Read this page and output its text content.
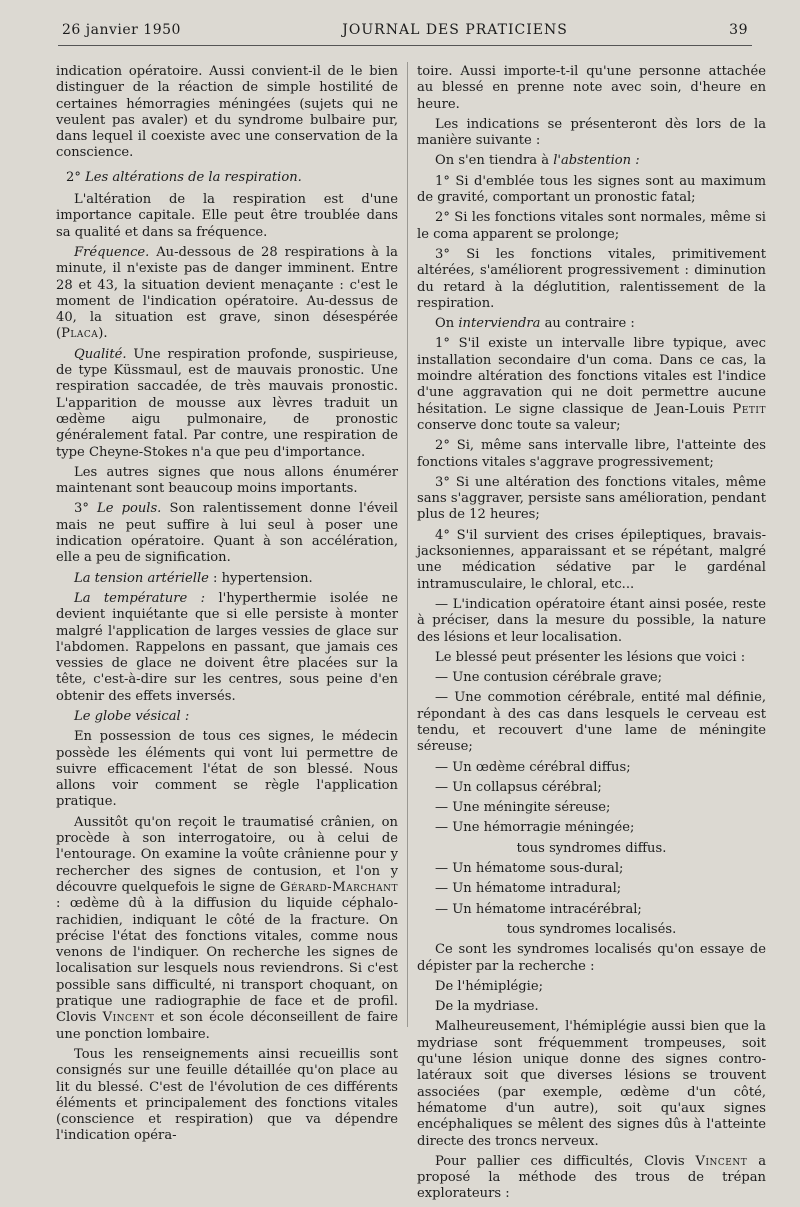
26 janvier 1950	JOURNAL DES PRATICIENS	39

indication opératoire. Aussi convient-il de le bien distinguer de la réaction de simple hostilité de certaines hémorragies méningées (sujets qui ne veulent pas avaler) et du syndrome bulbaire pur, dans lequel il coexiste avec une conservation de la conscience.

2° Les altérations de la respiration.

L'altération de la respiration est d'une importance capitale. Elle peut être troublée dans sa qualité et dans sa fréquence.

Fréquence. Au-dessous de 28 respirations à la minute, il n'existe pas de danger imminent. Entre 28 et 43, la situation devient menaçante : c'est le moment de l'indication opératoire. Au-dessus de 40, la situation est grave, sinon désespérée (Placa).

Qualité. Une respiration profonde, suspirieuse, de type Küssmaul, est de mauvais pronostic. Une respiration saccadée, de très mauvais pronostic. L'apparition de mousse aux lèvres traduit un œdème aigu pulmonaire, de pronostic généralement fatal. Par contre, une respiration de type Cheyne-Stokes n'a que peu d'importance.

Les autres signes que nous allons énumérer maintenant sont beaucoup moins importants.

3° Le pouls. Son ralentissement donne l'éveil mais ne peut suffire à lui seul à poser une indication opératoire. Quant à son accélération, elle a peu de signification.

La tension artérielle : hypertension.

La température : l'hyperthermie isolée ne devient inquiétante que si elle persiste à monter malgré l'application de larges vessies de glace sur l'abdomen. Rappelons en passant, que jamais ces vessies de glace ne doivent être placées sur la tête, c'est-à-dire sur les centres, sous peine d'en obtenir des effets inversés.

Le globe vésical :

En possession de tous ces signes, le médecin possède les éléments qui vont lui permettre de suivre efficacement l'état de son blessé. Nous allons voir comment se règle l'application pratique.

Aussitôt qu'on reçoit le traumatisé crânien, on procède à son interrogatoire, ou à celui de l'entourage. On examine la voûte crânienne pour y rechercher des signes de contusion, et l'on y découvre quelquefois le signe de Gérard-Marchant : œdème dû à la diffusion du liquide céphalo-rachidien, indiquant le côté de la fracture. On précise l'état des fonctions vitales, comme nous venons de l'indiquer. On recherche les signes de localisation sur lesquels nous reviendrons. Si c'est possible sans difficulté, ni transport choquant, on pratique une radiographie de face et de profil. Clovis Vincent et son école déconseillent de faire une ponction lombaire.

Tous les renseignements ainsi recueillis sont consignés sur une feuille détaillée qu'on place au lit du blessé. C'est de l'évolution de ces différents éléments et principalement des fonctions vitales (conscience et respiration) que va dépendre l'indication opéra-

toire. Aussi importe-t-il qu'une personne attachée au blessé en prenne note avec soin, d'heure en heure.

Les indications se présenteront dès lors de la manière suivante :

On s'en tiendra à l'abstention :

1° Si d'emblée tous les signes sont au maximum de gravité, comportant un pronostic fatal;

2° Si les fonctions vitales sont normales, même si le coma apparent se prolonge;

3° Si les fonctions vitales, primitivement altérées, s'améliorent progressivement : diminution du retard à la déglutition, ralentissement de la respiration.

On interviendra au contraire :

1° S'il existe un intervalle libre typique, avec installation secondaire d'un coma. Dans ce cas, la moindre altération des fonctions vitales est l'indice d'une aggravation qui ne doit permettre aucune hésitation. Le signe classique de Jean-Louis Petit conserve donc toute sa valeur;

2° Si, même sans intervalle libre, l'atteinte des fonctions vitales s'aggrave progressivement;

3° Si une altération des fonctions vitales, même sans s'aggraver, persiste sans amélioration, pendant plus de 12 heures;

4° S'il survient des crises épileptiques, bravais-jacksoniennes, apparaissant et se répétant, malgré une médication sédative par le gardénal intramusculaire, le chloral, etc...

— L'indication opératoire étant ainsi posée, reste à préciser, dans la mesure du possible, la nature des lésions et leur localisation.

Le blessé peut présenter les lésions que voici :

— Une contusion cérébrale grave;

— Une commotion cérébrale, entité mal définie, répondant à des cas dans lesquels le cerveau est tendu, et recouvert d'une lame de méningite séreuse;

— Un œdème cérébral diffus;

— Un collapsus cérébral;

— Une méningite séreuse;

— Une hémorragie méningée;

tous syndromes diffus.

— Un hématome sous-dural;

— Un hématome intradural;

— Un hématome intracérébral;

tous syndromes localisés.

Ce sont les syndromes localisés qu'on essaye de dépister par la recherche :

De l'hémiplégie;

De la mydriase.

Malheureusement, l'hémiplégie aussi bien que la mydriase sont fréquemment trompeuses, soit qu'une lésion unique donne des signes contro-latéraux soit que diverses lésions se trouvent associées (par exemple, œdème d'un côté, hématome d'un autre), soit qu'aux signes encéphaliques se mêlent des signes dûs à l'atteinte directe des troncs nerveux.

Pour pallier ces difficultés, Clovis Vincent a proposé la méthode des trous de trépan explorateurs :
